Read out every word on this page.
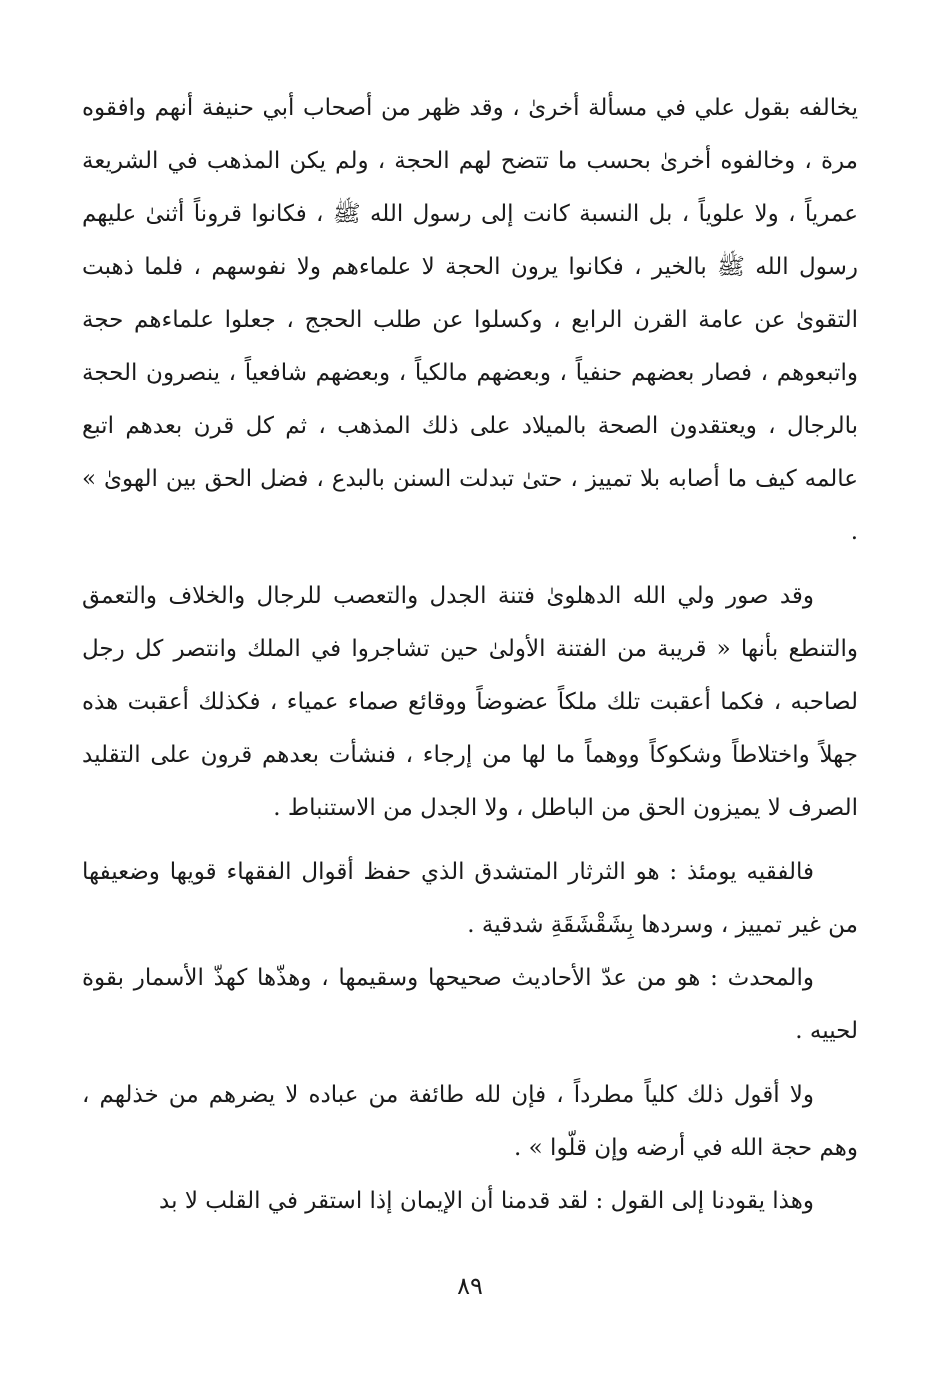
يخالفه بقول علي في مسألة أخرىٰ ، وقد ظهر من أصحاب أبي حنيفة أنهم وافقوه مرة ، وخالفوه أخرىٰ بحسب ما تتضح لهم الحجة ، ولم يكن المذهب في الشريعة عمرياً ، ولا علوياً ، بل النسبة كانت إلى رسول الله ﷺ ، فكانوا قروناً أثنىٰ عليهم رسول الله ﷺ بالخير ، فكانوا يرون الحجة لا علماءهم ولا نفوسهم ، فلما ذهبت التقوىٰ عن عامة القرن الرابع ، وكسلوا عن طلب الحجج ، جعلوا علماءهم حجة واتبعوهم ، فصار بعضهم حنفياً ، وبعضهم مالكياً ، وبعضهم شافعياً ، ينصرون الحجة بالرجال ، ويعتقدون الصحة بالميلاد على ذلك المذهب ، ثم كل قرن بعدهم اتبع عالمه كيف ما أصابه بلا تمييز ، حتىٰ تبدلت السنن بالبدع ، فضل الحق بين الهوىٰ » .

وقد صور ولي الله الدهلوىٰ فتنة الجدل والتعصب للرجال والخلاف والتعمق والتنطع بأنها « قريبة من الفتنة الأولىٰ حين تشاجروا في الملك وانتصر كل رجل لصاحبه ، فكما أعقبت تلك ملكاً عضوضاً ووقائع صماء عمياء ، فكذلك أعقبت هذه جهلاً واختلاطاً وشكوكاً ووهماً ما لها من إرجاء ، فنشأت بعدهم قرون على التقليد الصرف لا يميزون الحق من الباطل ، ولا الجدل من الاستنباط .

فالفقيه يومئذ : هو الثرثار المتشدق الذي حفظ أقوال الفقهاء قويها وضعيفها من غير تمييز ، وسردها بِشَقْشَقَةِ شدقية .

والمحدث : هو من عدّ الأحاديث صحيحها وسقيمها ، وهذّها كهذّ الأسمار بقوة لحييه .

ولا أقول ذلك كلياً مطرداً ، فإن لله طائفة من عباده لا يضرهم من خذلهم ، وهم حجة الله في أرضه وإن قلّوا » .

وهذا يقودنا إلى القول : لقد قدمنا أن الإيمان إذا استقر في القلب لا بد

٨٩
